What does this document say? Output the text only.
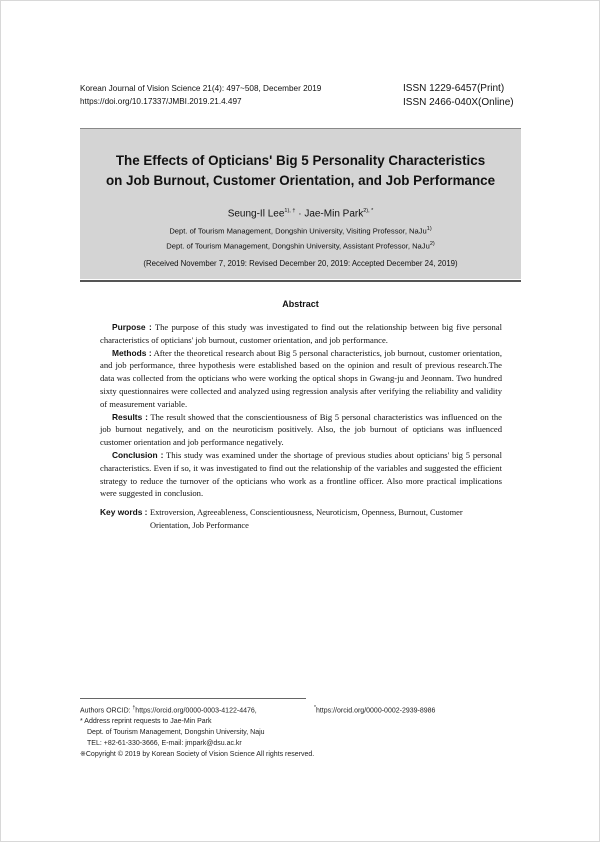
Korean Journal of Vision Science 21(4): 497~508, December 2019
https://doi.org/10.17337/JMBI.2019.21.4.497
ISSN 1229-6457(Print)
ISSN 2466-040X(Online)
The Effects of Opticians' Big 5 Personality Characteristics
on Job Burnout, Customer Orientation, and Job Performance
Seung-Il Lee$^{1), \dagger}$ · Jae-Min Park$^{2), *}$
Dept. of Tourism Management, Dongshin University, Visiting Professor, NaJu$^{1)}$
Dept. of Tourism Management, Dongshin University, Assistant Professor, NaJu$^{2)}$
(Received November 7, 2019: Revised December 20, 2019: Accepted December 24, 2019)
Abstract

Purpose : The purpose of this study was investigated to find out the relationship between big five personal characteristics of opticians' job burnout, customer orientation, and job performance.

Methods : After the theoretical research about Big 5 personal characteristics, job burnout, customer orientation, and job performance, three hypothesis were established based on the opinion and result of previous research.The data was collected from the opticians who were working the optical shops in Gwang-ju and Jeonnam. Two hundred sixty questionnaires were collected and analyzed using regression analysis after verifying the reliability and validity of measurement variable.

Results : The result showed that the conscientiousness of Big 5 personal characteristics was influenced on the job burnout negatively, and on the neuroticism positively. Also, the job burnout of opticians was influenced customer orientation and job performance negatively.

Conclusion : This study was examined under the shortage of previous studies about opticians' big 5 personal characteristics. Even if so, it was investigated to find out the relationship of the variables and suggested the efficient strategy to reduce the turnover of the opticians who work as a frontline officer. Also more practical implications were suggested in conclusion.

Key words : Extroversion, Agreeableness, Conscientiousness, Neuroticism, Openness, Burnout, Customer Orientation, Job Performance
Authors ORCID: †https://orcid.org/0000-0003-4122-4476,	*https://orcid.org/0000-0002-2939-8986
* Address reprint requests to Jae-Min Park
Dept. of Tourism Management, Dongshin University, Naju
TEL: +82-61-330-3666, E-mail: jmpark@dsu.ac.kr
※Copyright © 2019 by Korean Society of Vision Science All rights reserved.
